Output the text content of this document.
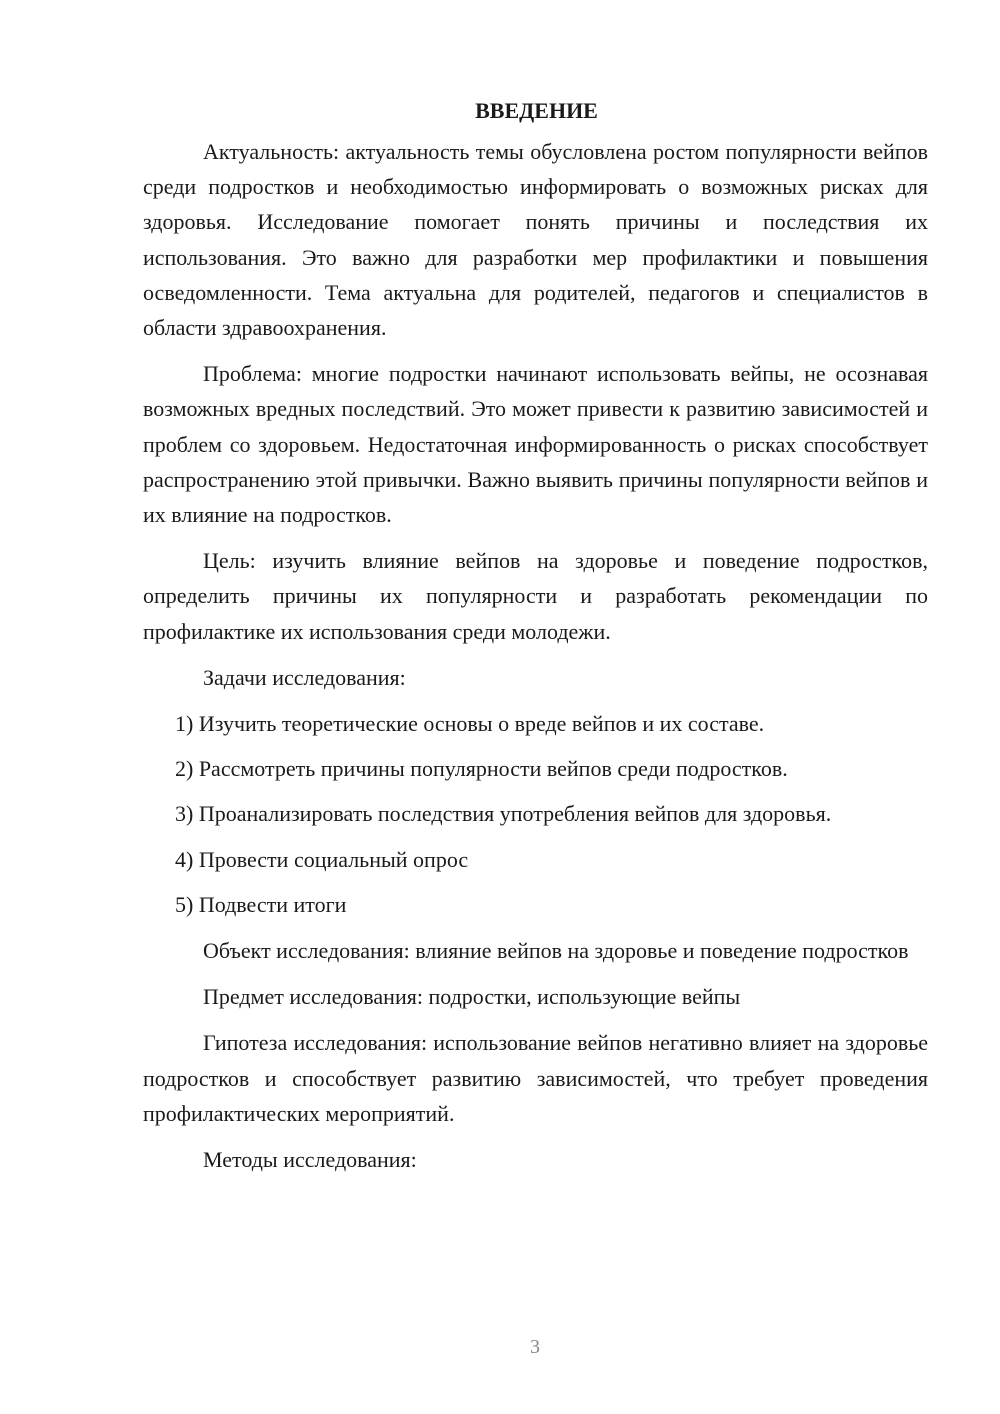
ВВЕДЕНИЕ

Актуальность: актуальность темы обусловлена ростом популярности вейпов среди подростков и необходимостью информировать о возможных рисках для здоровья. Исследование помогает понять причины и последствия их использования. Это важно для разработки мер профилактики и повышения осведомленности. Тема актуальна для родителей, педагогов и специалистов в области здравоохранения.

Проблема: многие подростки начинают использовать вейпы, не осознавая возможных вредных последствий. Это может привести к развитию зависимостей и проблем со здоровьем. Недостаточная информированность о рисках способствует распространению этой привычки. Важно выявить причины популярности вейпов и их влияние на подростков.

Цель: изучить влияние вейпов на здоровье и поведение подростков, определить причины их популярности и разработать рекомендации по профилактике их использования среди молодежи.

Задачи исследования:

1) Изучить теоретические основы о вреде вейпов и их составе.
2) Рассмотреть причины популярности вейпов среди подростков.
3) Проанализировать последствия употребления вейпов для здоровья.
4) Провести социальный опрос
5) Подвести итоги

Объект исследования: влияние вейпов на здоровье и поведение подростков

Предмет исследования: подростки, использующие вейпы

Гипотеза исследования: использование вейпов негативно влияет на здоровье подростков и способствует развитию зависимостей, что требует проведения профилактических мероприятий.

Методы исследования:

3
